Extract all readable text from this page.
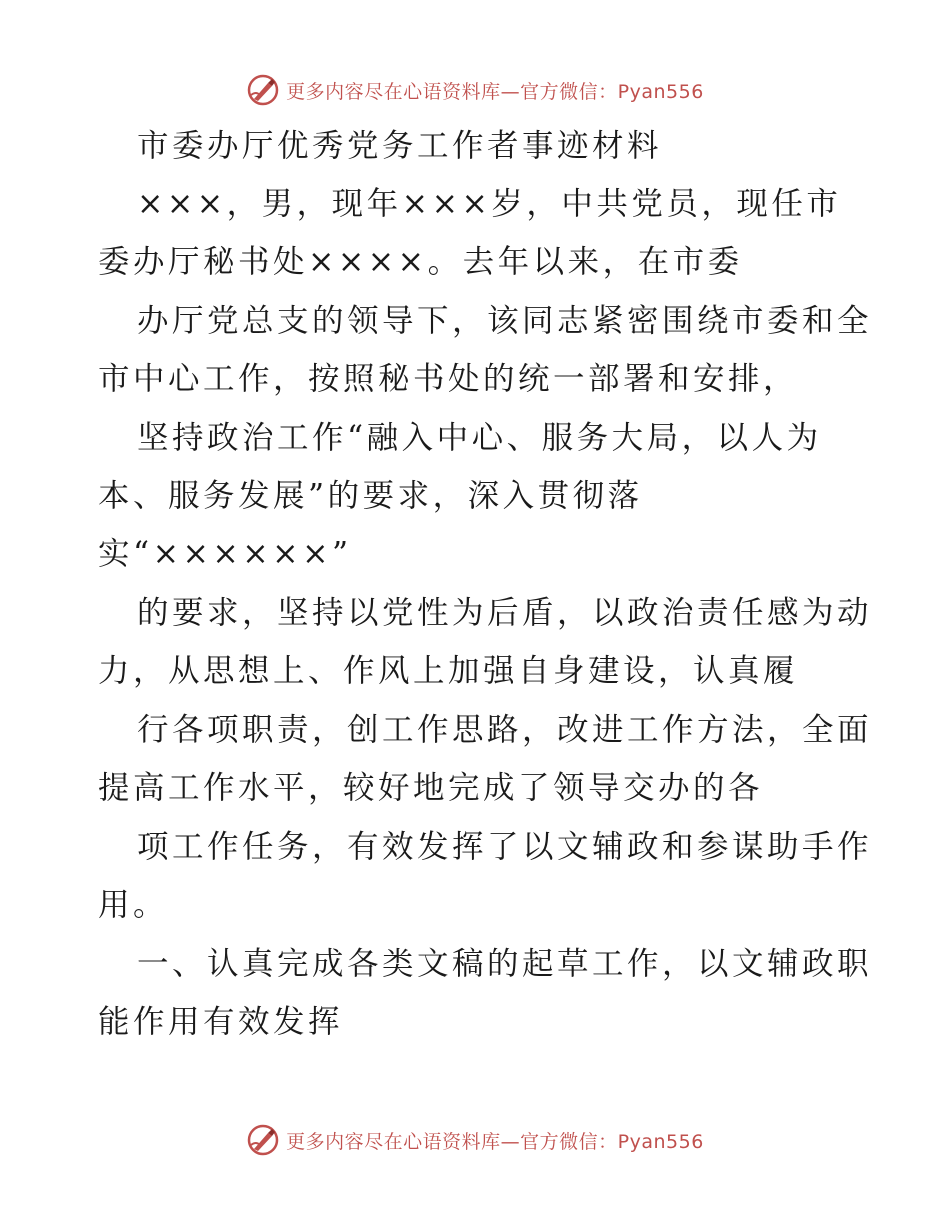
更多内容尽在心语资料库—官方微信：Pyan556
市委办厅优秀党务工作者事迹材料
×××，男，现年×××岁，中共党员，现任市
委办厅秘书处××××。去年以来，在市委
办厅党总支的领导下，该同志紧密围绕市委和全
市中心工作，按照秘书处的统一部署和安排，
坚持政治工作“融入中心、服务大局，以人为
本、服务发展”的要求，深入贯彻落
实“××××××”
的要求，坚持以党性为后盾，以政治责任感为动
力，从思想上、作风上加强自身建设，认真履
行各项职责，创工作思路，改进工作方法，全面
提高工作水平，较好地完成了领导交办的各
项工作任务，有效发挥了以文辅政和参谋助手作
用。
一、认真完成各类文稿的起草工作，以文辅政职
能作用有效发挥
更多内容尽在心语资料库—官方微信：Pyan556
